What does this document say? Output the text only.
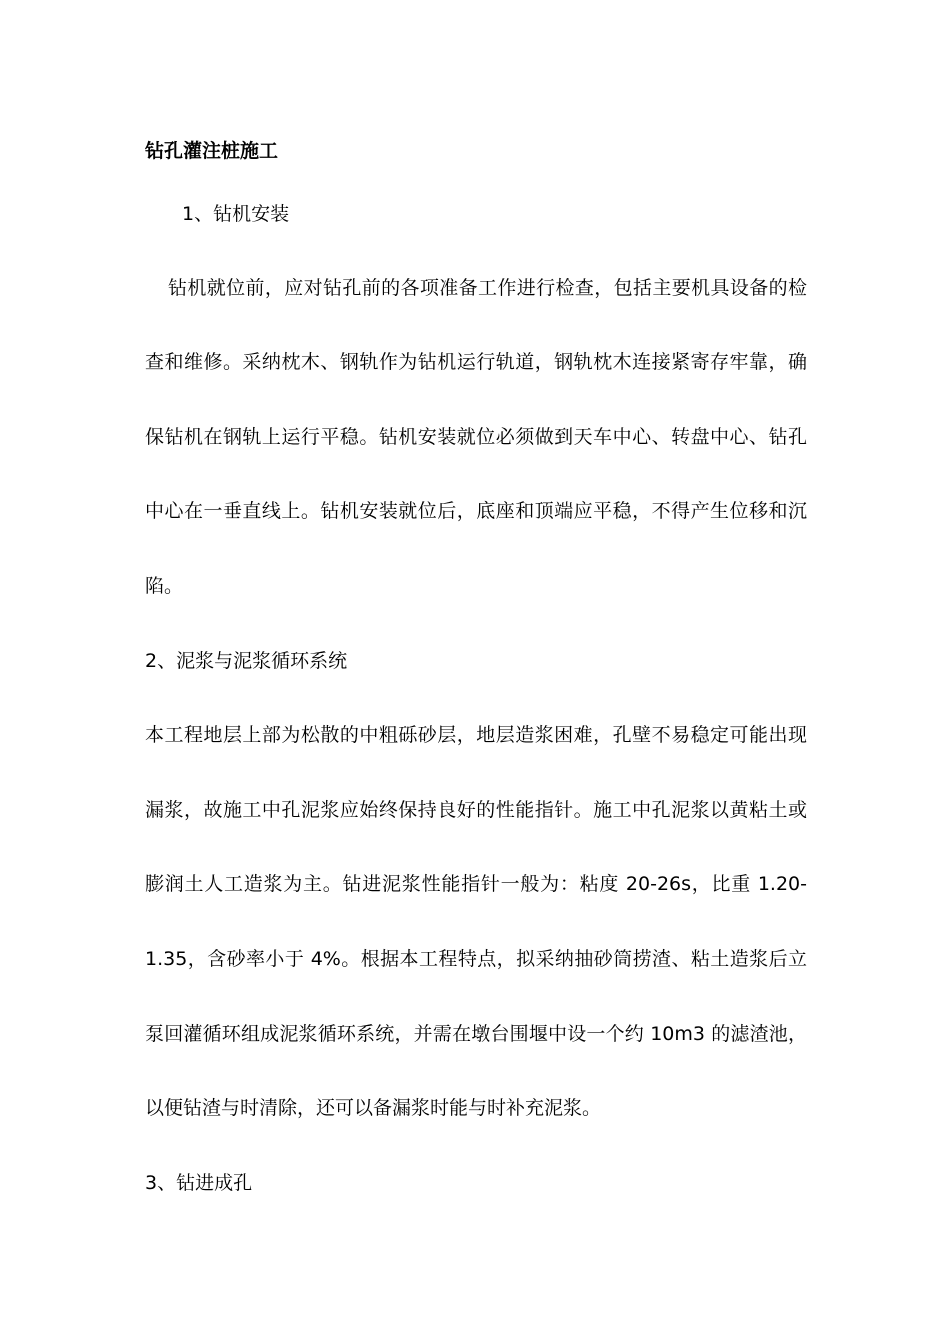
钻孔灌注桩施工
1、钻机安装
钻机就位前，应对钻孔前的各项准备工作进行检查，包括主要机具设备的检
查和维修。采纳枕木、钢轨作为钻机运行轨道，钢轨枕木连接紧寄存牢靠，确
保钻机在钢轨上运行平稳。钻机安装就位必须做到天车中心、转盘中心、钻孔
中心在一垂直线上。钻机安装就位后，底座和顶端应平稳，不得产生位移和沉
陷。
2、泥浆与泥浆循环系统
本工程地层上部为松散的中粗砾砂层，地层造浆困难，孔壁不易稳定可能出现
漏浆，故施工中孔泥浆应始终保持良好的性能指针。施工中孔泥浆以黄粘土或
膨润土人工造浆为主。钻进泥浆性能指针一般为：粘度 20-26s，比重 1.20-
1.35，含砂率小于 4%。根据本工程特点，拟采纳抽砂筒捞渣、粘土造浆后立
泵回灌循环组成泥浆循环系统，并需在墩台围堰中设一个约 10m3 的滤渣池，
以便钻渣与时清除，还可以备漏浆时能与时补充泥浆。
3、钻进成孔
